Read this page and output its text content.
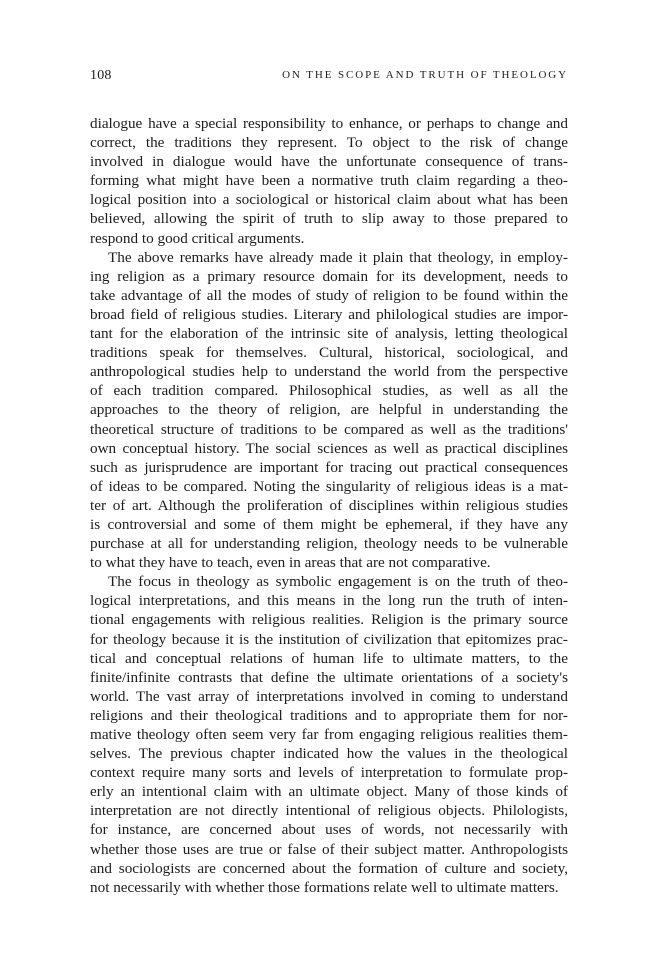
108	ON THE SCOPE AND TRUTH OF THEOLOGY
dialogue have a special responsibility to enhance, or perhaps to change and
correct, the traditions they represent. To object to the risk of change
involved in dialogue would have the unfortunate consequence of trans-
forming what might have been a normative truth claim regarding a theo-
logical position into a sociological or historical claim about what has been
believed, allowing the spirit of truth to slip away to those prepared to
respond to good critical arguments.
The above remarks have already made it plain that theology, in employ-
ing religion as a primary resource domain for its development, needs to
take advantage of all the modes of study of religion to be found within the
broad field of religious studies. Literary and philological studies are impor-
tant for the elaboration of the intrinsic site of analysis, letting theological
traditions speak for themselves. Cultural, historical, sociological, and
anthropological studies help to understand the world from the perspective
of each tradition compared. Philosophical studies, as well as all the
approaches to the theory of religion, are helpful in understanding the
theoretical structure of traditions to be compared as well as the traditions'
own conceptual history. The social sciences as well as practical disciplines
such as jurisprudence are important for tracing out practical consequences
of ideas to be compared. Noting the singularity of religious ideas is a mat-
ter of art. Although the proliferation of disciplines within religious studies
is controversial and some of them might be ephemeral, if they have any
purchase at all for understanding religion, theology needs to be vulnerable
to what they have to teach, even in areas that are not comparative.
The focus in theology as symbolic engagement is on the truth of theo-
logical interpretations, and this means in the long run the truth of inten-
tional engagements with religious realities. Religion is the primary source
for theology because it is the institution of civilization that epitomizes prac-
tical and conceptual relations of human life to ultimate matters, to the
finite/infinite contrasts that define the ultimate orientations of a society's
world. The vast array of interpretations involved in coming to understand
religions and their theological traditions and to appropriate them for nor-
mative theology often seem very far from engaging religious realities them-
selves. The previous chapter indicated how the values in the theological
context require many sorts and levels of interpretation to formulate prop-
erly an intentional claim with an ultimate object. Many of those kinds of
interpretation are not directly intentional of religious objects. Philologists,
for instance, are concerned about uses of words, not necessarily with
whether those uses are true or false of their subject matter. Anthropologists
and sociologists are concerned about the formation of culture and society,
not necessarily with whether those formations relate well to ultimate matters.
